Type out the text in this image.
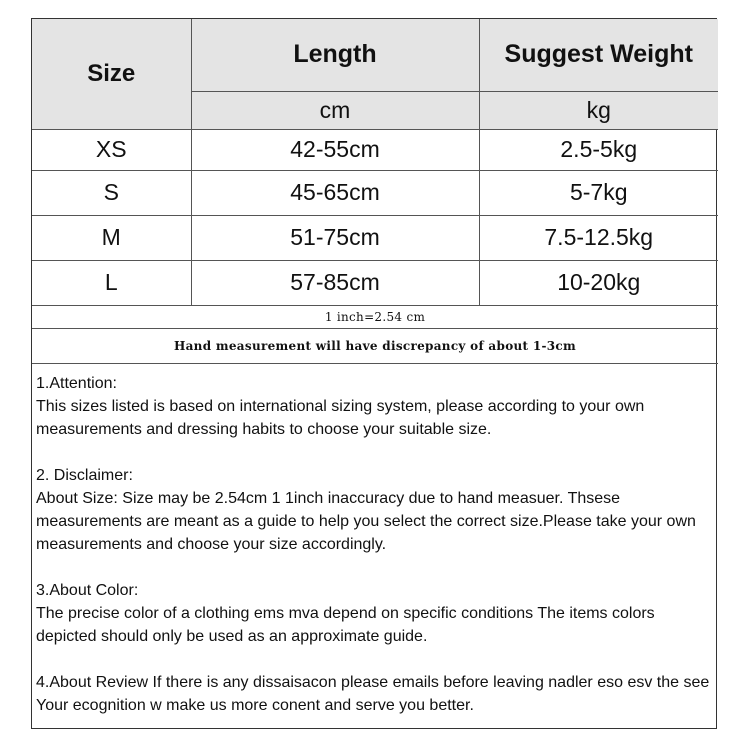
Size	Length	Suggest Weight
	cm	kg
XS	42-55cm	2.5-5kg
S	45-65cm	5-7kg
M	51-75cm	7.5-12.5kg
L	57-85cm	10-20kg
1 inch=2.54 cm		
Hand measurement will have discrepancy of about 1-3cm		

1.Attention:

This sizes listed is based on international sizing system, please according to your own measurements and dressing habits to choose your suitable size.

2. Disclaimer:

About Size: Size may be 2.54cm 1 1inch inaccuracy due to hand measuer. Thsese measurements are meant as a guide to help you select the correct size.Please take your own measurements and choose your size accordingly.

3.About Color:

The precise color of a clothing ems mva depend on specific conditions The items colors depicted should only be used as an approximate guide.

4.About Review If there is any dissaisacon please emails before leaving nadler eso esv the see Your ecognition w make us more conent and serve you better.
